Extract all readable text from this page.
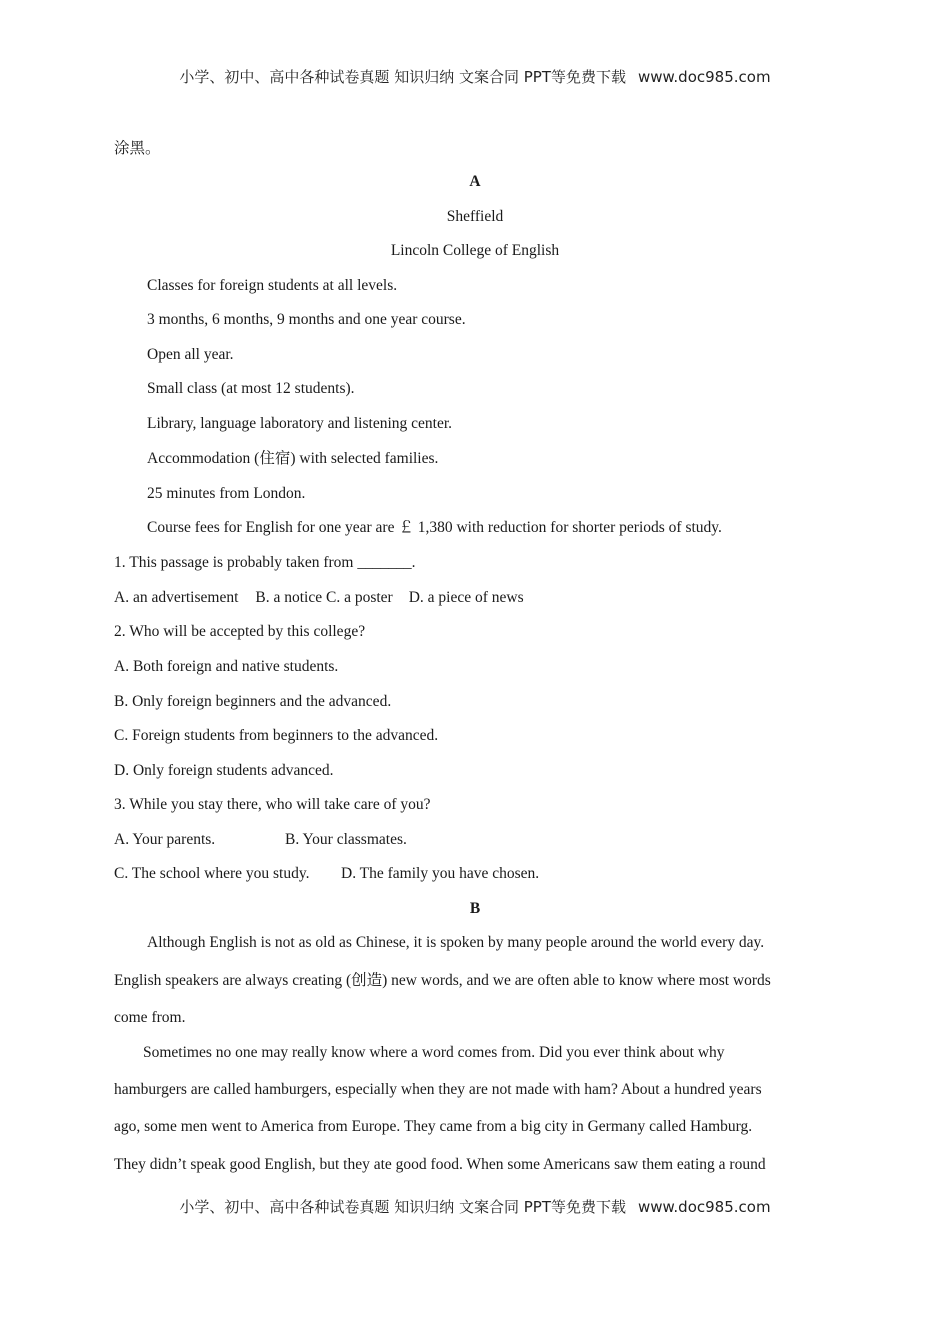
小学、初中、高中各种试卷真题 知识归纳 文案合同 PPT等免费下载 www.doc985.com
涂黑。
A
Sheffield
Lincoln College of English
Classes for foreign students at all levels.
3 months, 6 months, 9 months and one year course.
Open all year.
Small class (at most 12 students).
Library, language laboratory and listening center.
Accommodation (住宿) with selected families.
25 minutes from London.
Course fees for English for one year are ￡ 1,380 with reduction for shorter periods of study.
1. This passage is probably taken from _______.
A. an advertisement B. a notice C. a poster D. a piece of news
2. Who will be accepted by this college?
A. Both foreign and native students.
B. Only foreign beginners and the advanced.
C. Foreign students from beginners to the advanced.
D. Only foreign students advanced.
3. While you stay there, who will take care of you?
A. Your parents.	B. Your classmates.
C. The school where you study. D. The family you have chosen.
B
Although English is not as old as Chinese, it is spoken by many people around the world every day.
English speakers are always creating (创造) new words, and we are often able to know where most words
come from.
Sometimes no one may really know where a word comes from. Did you ever think about why
hamburgers are called hamburgers, especially when they are not made with ham? About a hundred years
ago, some men went to America from Europe. They came from a big city in Germany called Hamburg.
They didn’t speak good English, but they ate good food. When some Americans saw them eating a round
小学、初中、高中各种试卷真题 知识归纳 文案合同 PPT等免费下载 www.doc985.com
